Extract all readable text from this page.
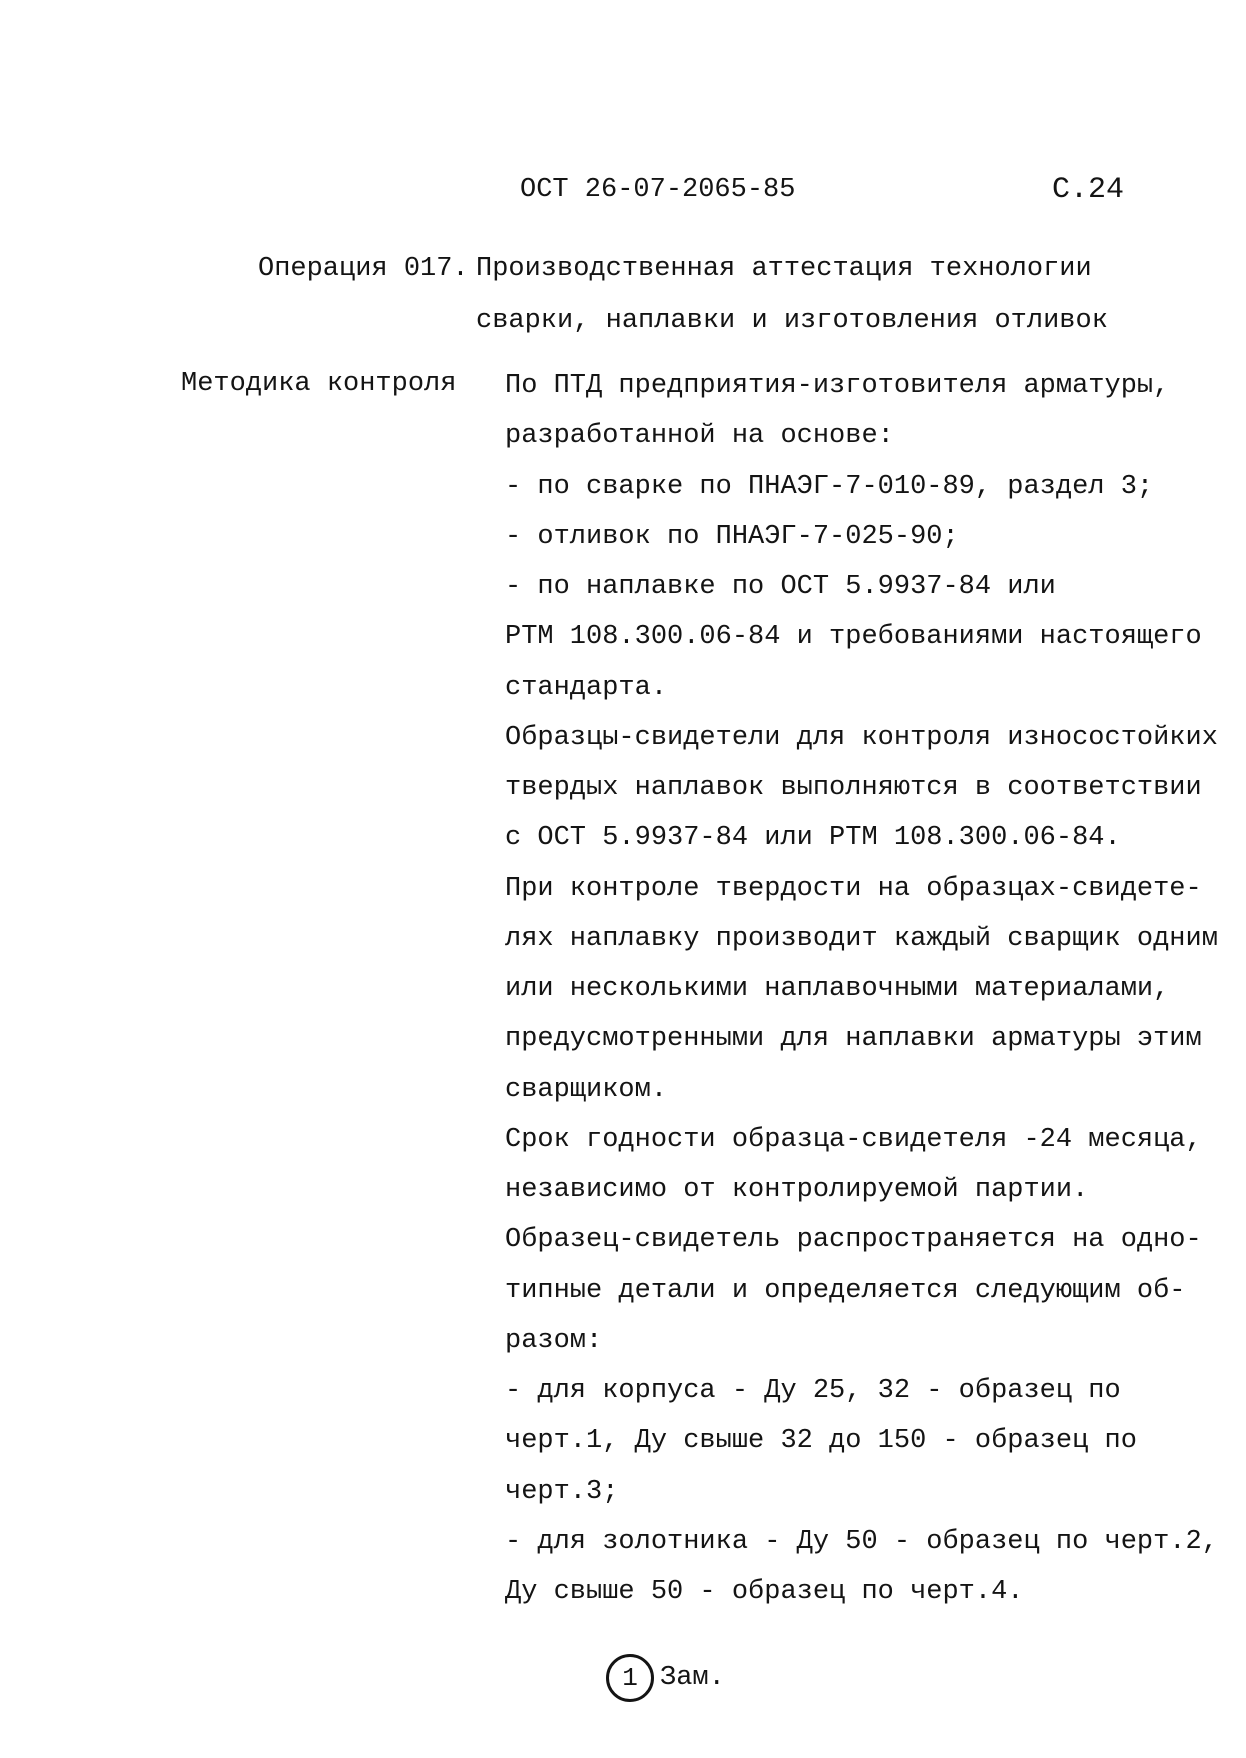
ОСТ 26-07-2065-85	С.24
Операция 017. Производственная аттестация технологии
сварки, наплавки и изготовления отливок
Методика контроля По ПТД предприятия-изготовителя арматуры,
разработанной на основе:
- по сварке по ПНАЭГ-7-010-89, раздел 3;
- отливок по ПНАЭГ-7-025-90;
- по наплавке по ОСТ 5.9937-84 или
РТМ 108.300.06-84 и требованиями настоящего
стандарта.
Образцы-свидетели для контроля износостойких
твердых наплавок выполняются в соответствии
с ОСТ 5.9937-84 или РТМ 108.300.06-84.
При контроле твердости на образцах-свидете-
лях наплавку производит каждый сварщик одним
или несколькими наплавочными материалами,
предусмотренными для наплавки арматуры этим
сварщиком.
Срок годности образца-свидетеля -24 месяца,
независимо от контролируемой партии.
Образец-свидетель распространяется на одно-
типные детали и определяется следующим об-
разом:
- для корпуса - Ду 25, 32 - образец по
черт.1, Ду свыше 32 до 150 - образец по
черт.3;
- для золотника - Ду 50 - образец по черт.2,
Ду свыше 50 - образец по черт.4.
1 Зам.
